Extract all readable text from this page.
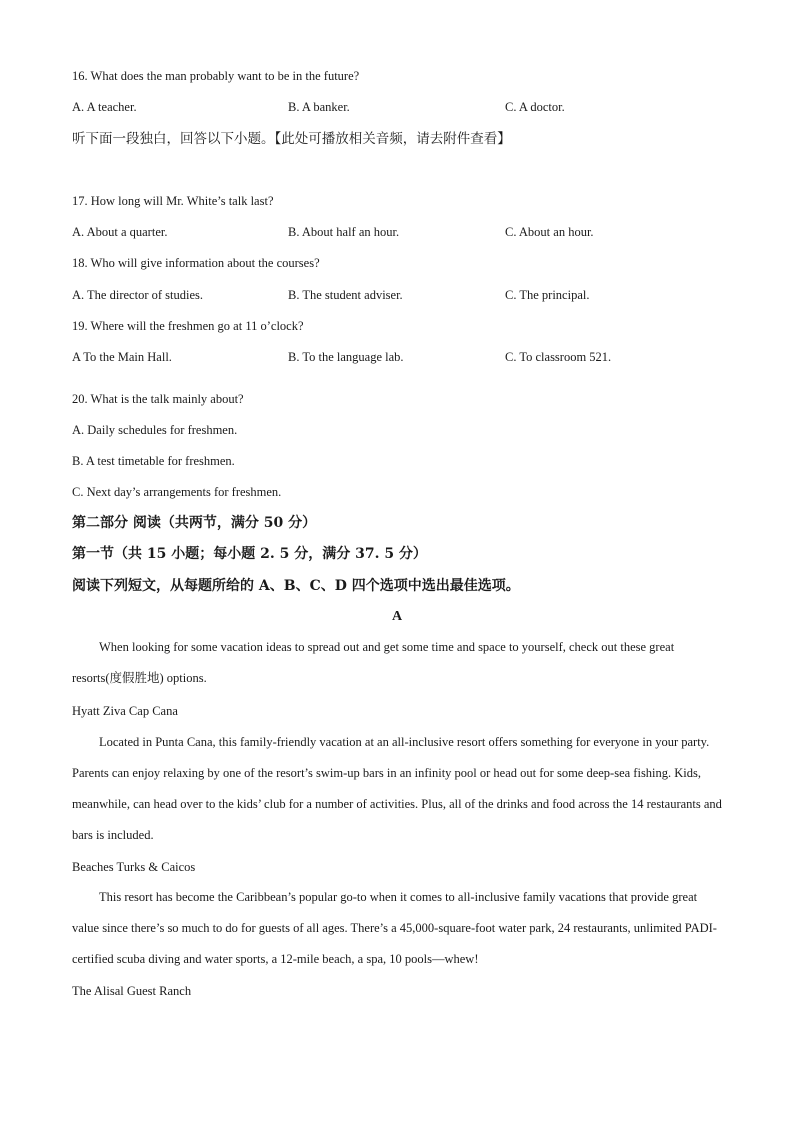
16. What does the man probably want to be in the future?
A. A teacher.	B. A banker.	C. A doctor.
听下面一段独白，回答以下小题。【此处可播放相关音频，请去附件查看】
17. How long will Mr. White’s talk last?
A. About a quarter.	B. About half an hour.	C. About an hour.
18. Who will give information about the courses?
A. The director of studies.	B. The student adviser.	C. The principal.
19. Where will the freshmen go at 11 o’clock?
A To the Main Hall.	B. To the language lab.	C. To classroom 521.
20. What is the talk mainly about?
A. Daily schedules for freshmen.
B. A test timetable for freshmen.
C. Next day’s arrangements for freshmen.
第二部分 阅读（共两节，满分 50 分）
第一节（共 15 小题；每小题 2. 5 分，满分 37. 5 分）
阅读下列短文，从每题所给的 A、B、C、D 四个选项中选出最佳选项。
A
When looking for some vacation ideas to spread out and get some time and space to yourself, check out these great resorts(度假胜地) options.
Hyatt Ziva Cap Cana
Located in Punta Cana, this family-friendly vacation at an all-inclusive resort offers something for everyone in your party. Parents can enjoy relaxing by one of the resort’s swim-up bars in an infinity pool or head out for some deep-sea fishing. Kids, meanwhile, can head over to the kids’ club for a number of activities. Plus, all of the drinks and food across the 14 restaurants and bars is included.
Beaches Turks & Caicos
This resort has become the Caribbean’s popular go-to when it comes to all-inclusive family vacations that provide great value since there’s so much to do for guests of all ages. There’s a 45,000-square-foot water park, 24 restaurants, unlimited PADI-certified scuba diving and water sports, a 12-mile beach, a spa, 10 pools—whew!
The Alisal Guest Ranch
